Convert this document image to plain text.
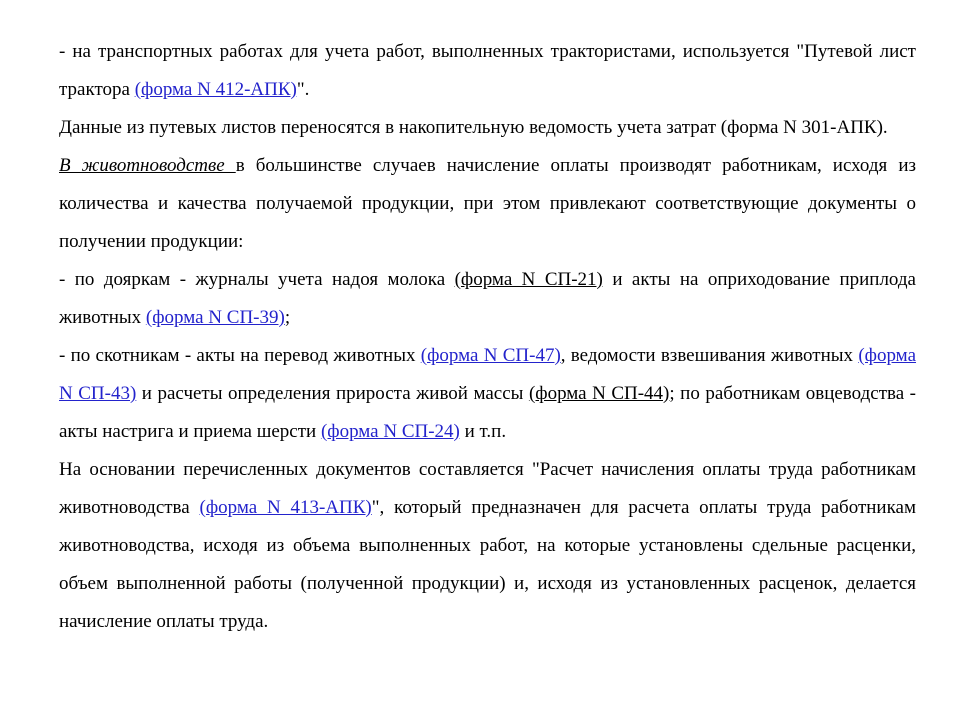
- на транспортных работах для учета работ, выполненных трактористами, используется "Путевой лист трактора (форма N 412-АПК)".

Данные из путевых листов переносятся в накопительную ведомость учета затрат (форма N 301-АПК).

В животноводстве в большинстве случаев начисление оплаты производят работникам, исходя из количества и качества получаемой продукции, при этом привлекают соответствующие документы о получении продукции:

- по дояркам - журналы учета надоя молока (форма N СП-21) и акты на оприходование приплода животных (форма N СП-39);

- по скотникам - акты на перевод животных (форма N СП-47), ведомости взвешивания животных (форма N СП-43) и расчеты определения прироста живой массы (форма N СП-44); по работникам овцеводства - акты настрига и приема шерсти (форма N СП-24) и т.п.

На основании перечисленных документов составляется "Расчет начисления оплаты труда работникам животноводства (форма N 413-АПК)", который предназначен для расчета оплаты труда работникам животноводства, исходя из объема выполненных работ, на которые установлены сдельные расценки, объем выполненной работы (полученной продукции) и, исходя из установленных расценок, делается начисление оплаты труда.
